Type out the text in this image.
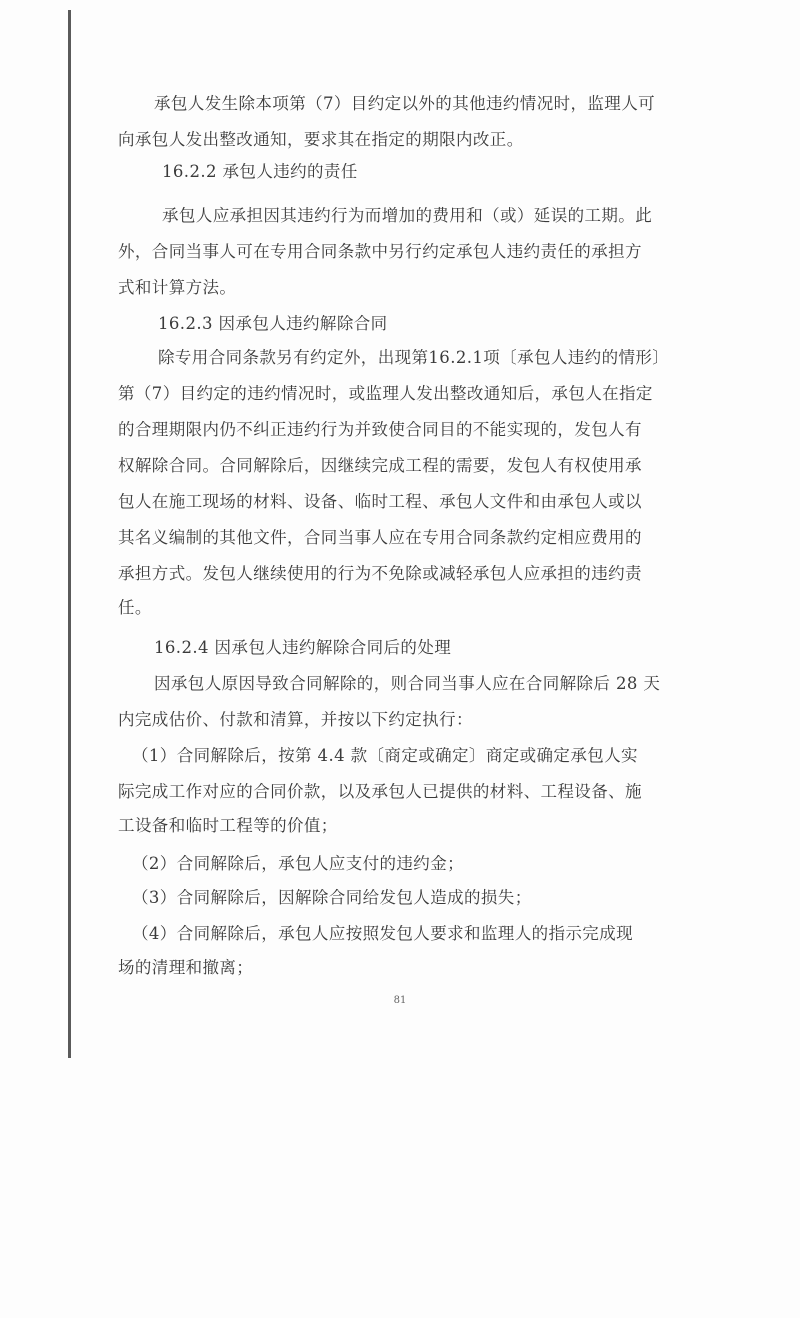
承包人发生除本项第（7）目约定以外的其他违约情况时，监理人可
向承包人发出整改通知，要求其在指定的期限内改正。
16.2.2 承包人违约的责任
承包人应承担因其违约行为而增加的费用和（或）延误的工期。此
外，合同当事人可在专用合同条款中另行约定承包人违约责任的承担方
式和计算方法。
16.2.3 因承包人违约解除合同
除专用合同条款另有约定外，出现第16.2.1项〔承包人违约的情形〕
第（7）目约定的违约情况时，或监理人发出整改通知后，承包人在指定
的合理期限内仍不纠正违约行为并致使合同目的不能实现的，发包人有
权解除合同。合同解除后，因继续完成工程的需要，发包人有权使用承
包人在施工现场的材料、设备、临时工程、承包人文件和由承包人或以
其名义编制的其他文件，合同当事人应在专用合同条款约定相应费用的
承担方式。发包人继续使用的行为不免除或减轻承包人应承担的违约责
任。
16.2.4 因承包人违约解除合同后的处理
因承包人原因导致合同解除的，则合同当事人应在合同解除后 28 天
内完成估价、付款和清算，并按以下约定执行：
（1）合同解除后，按第 4.4 款〔商定或确定〕商定或确定承包人实
际完成工作对应的合同价款，以及承包人已提供的材料、工程设备、施
工设备和临时工程等的价值；
（2）合同解除后，承包人应支付的违约金；
（3）合同解除后，因解除合同给发包人造成的损失；
（4）合同解除后，承包人应按照发包人要求和监理人的指示完成现
场的清理和撤离；
81
